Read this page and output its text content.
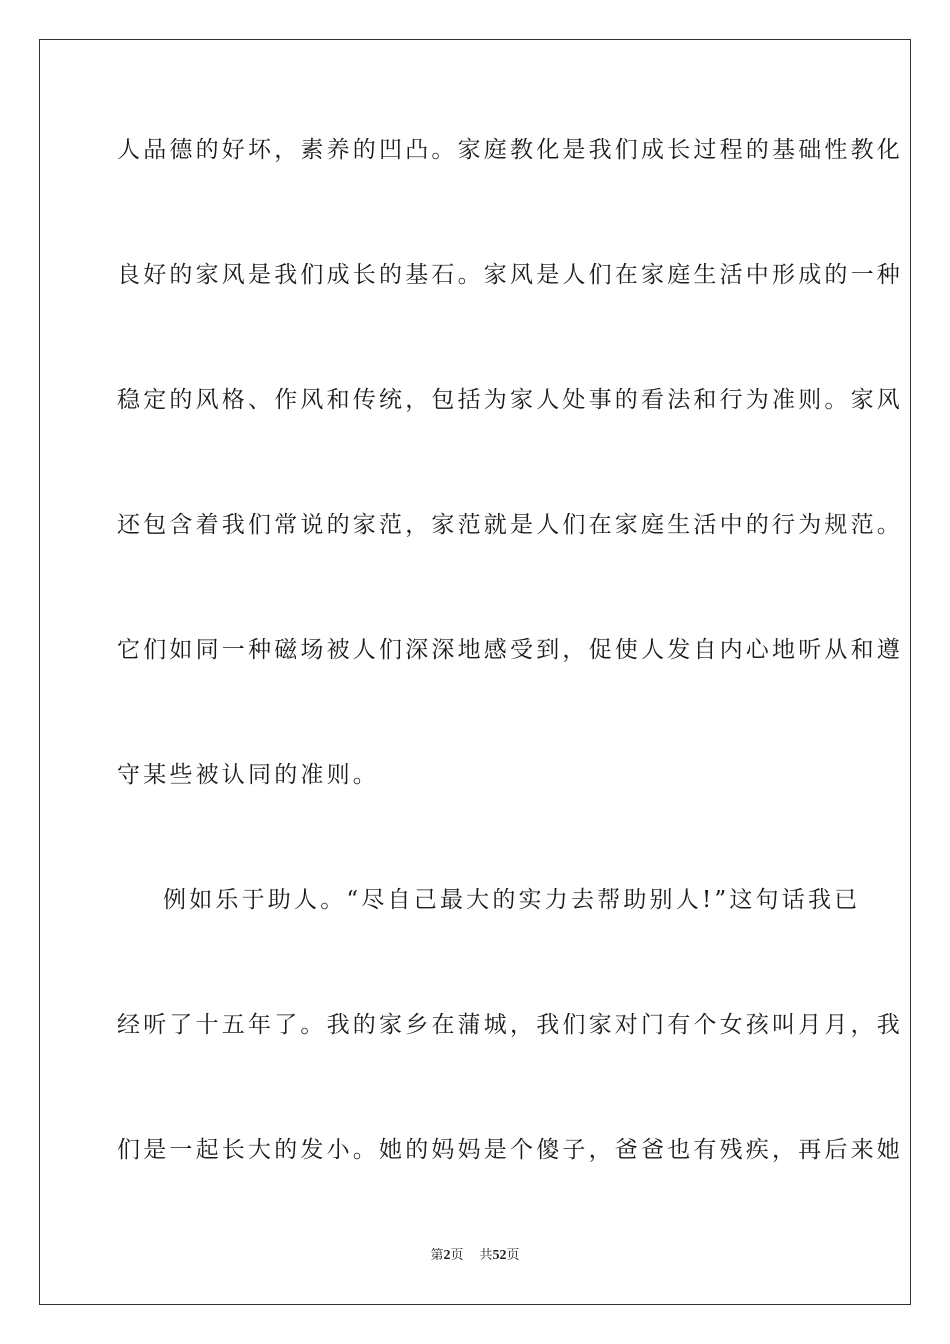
人品德的好坏，素养的凹凸。家庭教化是我们成长过程的基础性教化
良好的家风是我们成长的基石。家风是人们在家庭生活中形成的一种
稳定的风格、作风和传统，包括为家人处事的看法和行为准则。家风
还包含着我们常说的家范，家范就是人们在家庭生活中的行为规范。
它们如同一种磁场被人们深深地感受到，促使人发自内心地听从和遵
守某些被认同的准则。
例如乐于助人。“尽自己最大的实力去帮助别人!”这句话我已
经听了十五年了。我的家乡在蒲城，我们家对门有个女孩叫月月，我
们是一起长大的发小。她的妈妈是个傻子，爸爸也有残疾，再后来她
第2页 共52页
